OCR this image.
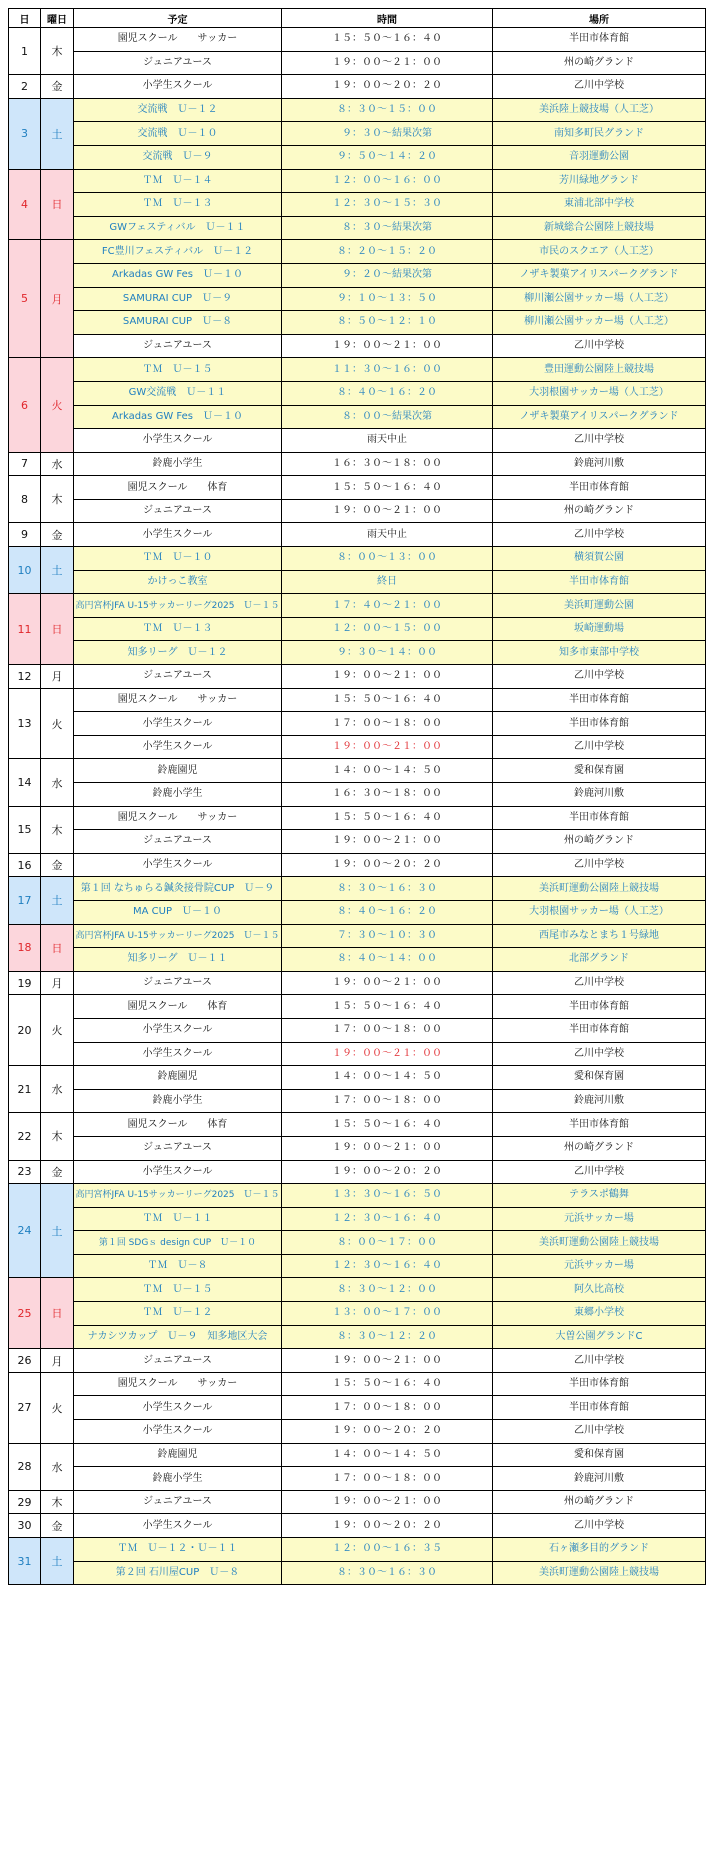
日	曜日	予定	時間	場所
1	木	園児スクール　　サッカー	１５：５０～１６：４０	半田市体育館
		ジュニアユース	１９：００～２１：００	州の崎グランド
2	金	小学生スクール	１９：００～２０：２０	乙川中学校
3	土	交流戦　Ｕ－１２	８：３０～１５：００	美浜陸上競技場（人工芝）
		交流戦　Ｕ－１０	９：３０～結果次第	南知多町民グランド
		交流戦　Ｕ－９	９：５０～１４：２０	音羽運動公園
4	日	ＴＭ　Ｕ－１４	１２：００～１６：００	芳川緑地グランド
		ＴＭ　Ｕ－１３	１２：３０～１５：３０	東浦北部中学校
		GWフェスティバル　Ｕ－１１	８：３０～結果次第	新城総合公園陸上競技場
5	月	FC豊川フェスティバル　Ｕ－１２	８：２０～１５：２０	市民のスクエア（人工芝）
		Arkadas GW Fes　Ｕ－１０	９：２０～結果次第	ノザキ製菓アイリスパークグランド
		SAMURAI CUP　Ｕ－９	９：１０～１３：５０	柳川瀬公園サッカー場（人工芝）
		SAMURAI CUP　Ｕ－８	８：５０～１２：１０	柳川瀬公園サッカー場（人工芝）
		ジュニアユース	１９：００～２１：００	乙川中学校
6	火	ＴＭ　Ｕ－１５	１１：３０～１６：００	豊田運動公園陸上競技場
		GW交流戦　Ｕ－１１	８：４０～１６：２０	大羽根園サッカー場（人工芝）
		Arkadas GW Fes　Ｕ－１０	８：００～結果次第	ノザキ製菓アイリスパークグランド
		小学生スクール	雨天中止	乙川中学校
7	水	鈴鹿小学生	１６：３０～１８：００	鈴鹿河川敷
8	木	園児スクール　　体育	１５：５０～１６：４０	半田市体育館
		ジュニアユース	１９：００～２１：００	州の崎グランド
9	金	小学生スクール	雨天中止	乙川中学校
10	土	ＴＭ　Ｕ－１０	８：００～１３：００	横須賀公園
		かけっこ教室	終日	半田市体育館
11	日	高円宮杯JFA U-15サッカーリーグ2025　Ｕ－１５	１７：４０～２１：００	美浜町運動公園
		ＴＭ　Ｕ－１３	１２：００～１５：００	坂崎運動場
		知多リーグ　Ｕ－１２	９：３０～１４：００	知多市東部中学校
12	月	ジュニアユース	１９：００～２１：００	乙川中学校
13	火	園児スクール　　サッカー	１５：５０～１６：４０	半田市体育館
		小学生スクール	１７：００～１８：００	半田市体育館
		小学生スクール	１９：００～２１：００	乙川中学校
14	水	鈴鹿園児	１４：００～１４：５０	愛和保育園
		鈴鹿小学生	１６：３０～１８：００	鈴鹿河川敷
15	木	園児スクール　　サッカー	１５：５０～１６：４０	半田市体育館
		ジュニアユース	１９：００～２１：００	州の崎グランド
16	金	小学生スクール	１９：００～２０：２０	乙川中学校
17	土	第１回 なちゅらる鍼灸接骨院CUP　Ｕ－９	８：３０～１６：３０	美浜町運動公園陸上競技場
		MA CUP　Ｕ－１０	８：４０～１６：２０	大羽根園サッカー場（人工芝）
18	日	高円宮杯JFA U-15サッカーリーグ2025　Ｕ－１５	７：３０～１０：３０	西尾市みなとまち１号緑地
		知多リーグ　Ｕ－１１	８：４０～１４：００	北部グランド
19	月	ジュニアユース	１９：００～２１：００	乙川中学校
20	火	園児スクール　　体育	１５：５０～１６：４０	半田市体育館
		小学生スクール	１７：００～１８：００	半田市体育館
		小学生スクール	１９：００～２１：００	乙川中学校
21	水	鈴鹿園児	１４：００～１４：５０	愛和保育園
		鈴鹿小学生	１７：００～１８：００	鈴鹿河川敷
22	木	園児スクール　　体育	１５：５０～１６：４０	半田市体育館
		ジュニアユース	１９：００～２１：００	州の崎グランド
23	金	小学生スクール	１９：００～２０：２０	乙川中学校
24	土	高円宮杯JFA U-15サッカーリーグ2025　Ｕ－１５	１３：３０～１６：５０	テラスポ鶴舞
		ＴＭ　Ｕ－１１	１２：３０～１６：４０	元浜サッカー場
		第１回 SDGｓ design CUP　Ｕ－１０	８：００～１７：００	美浜町運動公園陸上競技場
		ＴＭ　Ｕ－８	１２：３０～１６：４０	元浜サッカー場
25	日	ＴＭ　Ｕ－１５	８：３０～１２：００	阿久比高校
		ＴＭ　Ｕ－１２	１３：００～１７：００	東郷小学校
		ナカシツカップ　Ｕ－９　知多地区大会	８：３０～１２：２０	大曽公園グランドC
26	月	ジュニアユース	１９：００～２１：００	乙川中学校
27	火	園児スクール　　サッカー	１５：５０～１６：４０	半田市体育館
		小学生スクール	１７：００～１８：００	半田市体育館
		小学生スクール	１９：００～２０：２０	乙川中学校
28	水	鈴鹿園児	１４：００～１４：５０	愛和保育園
		鈴鹿小学生	１７：００～１８：００	鈴鹿河川敷
29	木	ジュニアユース	１９：００～２１：００	州の崎グランド
30	金	小学生スクール	１９：００～２０：２０	乙川中学校
31	土	ＴＭ　Ｕ－１２・Ｕ－１１	１２：００～１６：３５	石ヶ瀬多目的グランド
		第２回 石川屋CUP　Ｕ－８	８：３０～１６：３０	美浜町運動公園陸上競技場
